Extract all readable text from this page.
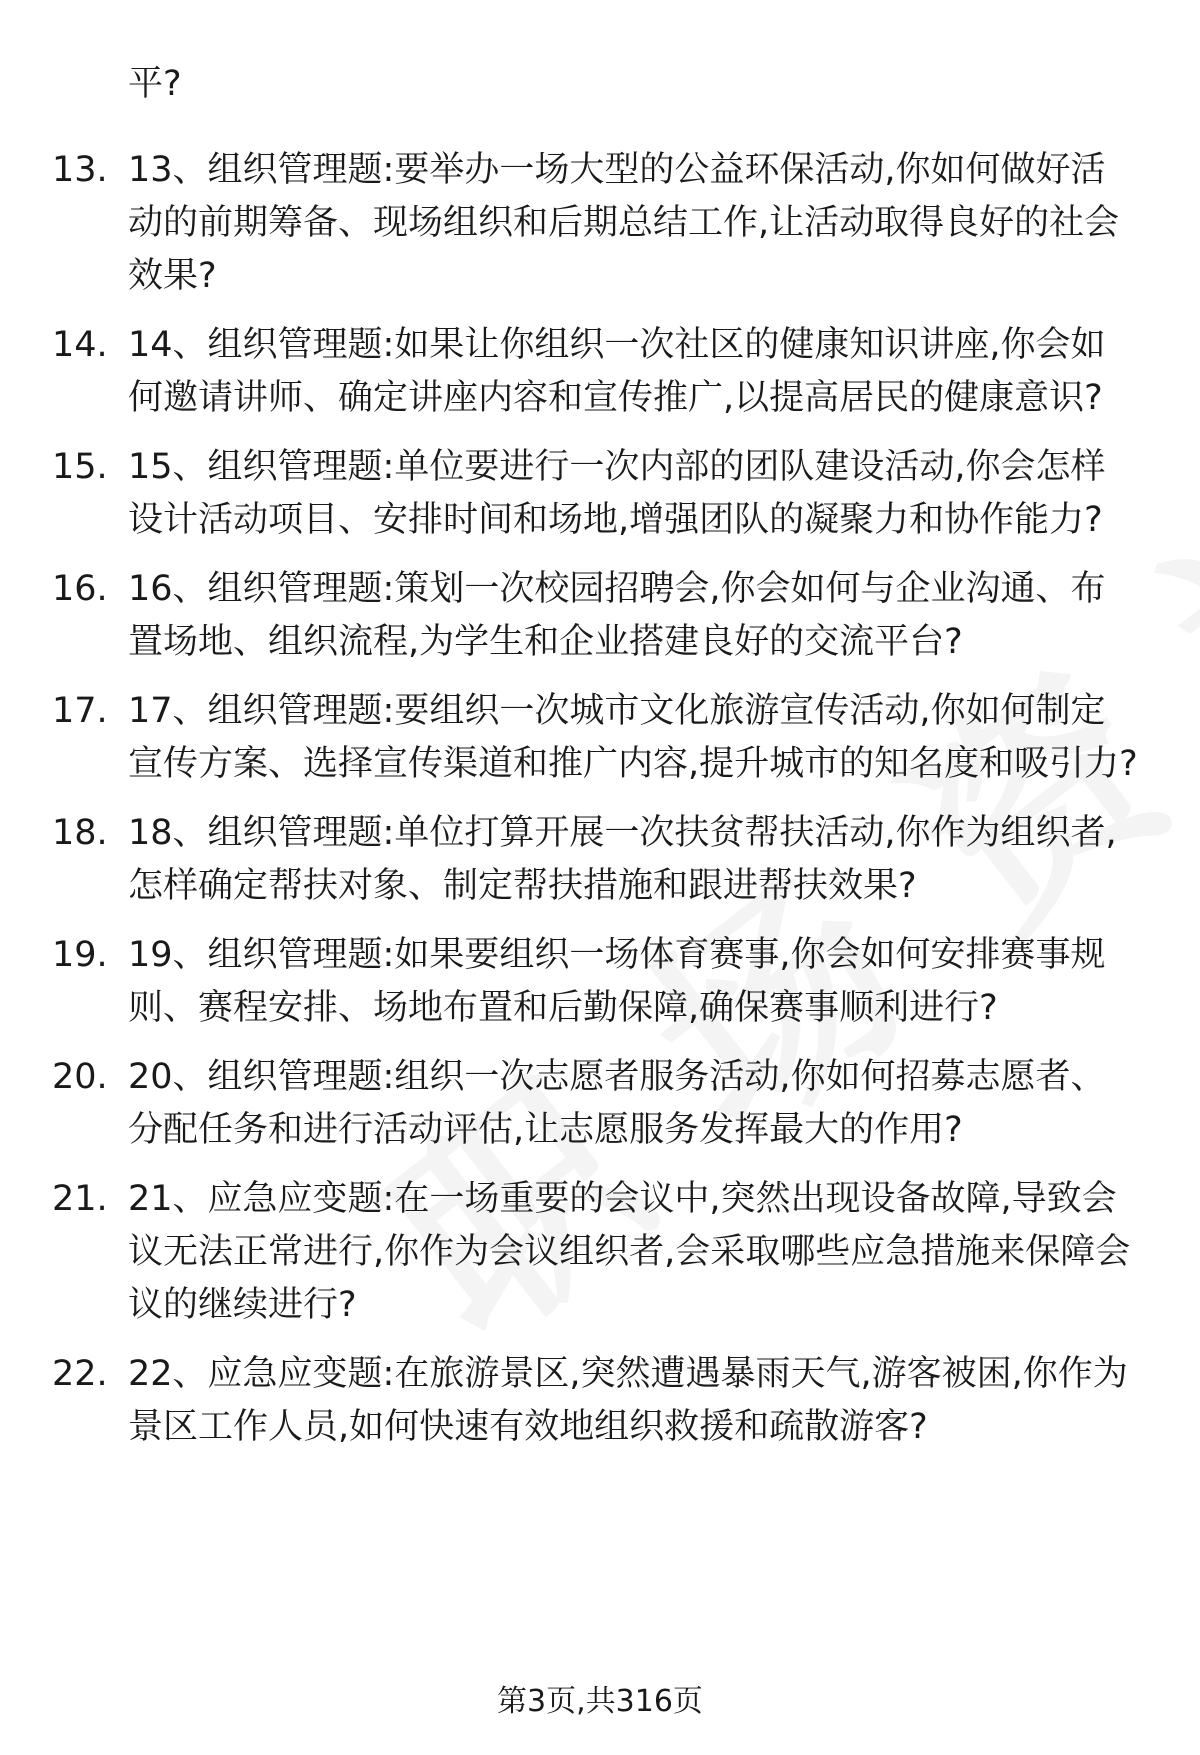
平?
13. 13、组织管理题:要举办一场大型的公益环保活动,你如何做好活动的前期筹备、现场组织和后期总结工作,让活动取得良好的社会效果?
14. 14、组织管理题:如果让你组织一次社区的健康知识讲座,你会如何邀请讲师、确定讲座内容和宣传推广,以提高居民的健康意识?
15. 15、组织管理题:单位要进行一次内部的团队建设活动,你会怎样设计活动项目、安排时间和场地,增强团队的凝聚力和协作能力?
16. 16、组织管理题:策划一次校园招聘会,你会如何与企业沟通、布置场地、组织流程,为学生和企业搭建良好的交流平台?
17. 17、组织管理题:要组织一次城市文化旅游宣传活动,你如何制定宣传方案、选择宣传渠道和推广内容,提升城市的知名度和吸引力?
18. 18、组织管理题:单位打算开展一次扶贫帮扶活动,你作为组织者,怎样确定帮扶对象、制定帮扶措施和跟进帮扶效果?
19. 19、组织管理题:如果要组织一场体育赛事,你会如何安排赛事规则、赛程安排、场地布置和后勤保障,确保赛事顺利进行?
20. 20、组织管理题:组织一次志愿者服务活动,你如何招募志愿者、分配任务和进行活动评估,让志愿服务发挥最大的作用?
21. 21、应急应变题:在一场重要的会议中,突然出现设备故障,导致会议无法正常进行,你作为会议组织者,会采取哪些应急措施来保障会议的继续进行?
22. 22、应急应变题:在旅游景区,突然遭遇暴雨天气,游客被困,你作为景区工作人员,如何快速有效地组织救援和疏散游客?
第3页,共316页
